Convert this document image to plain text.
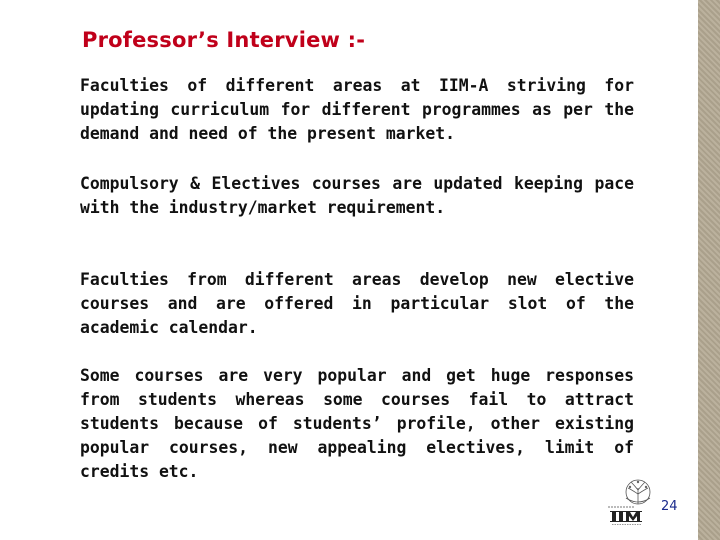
Professor’s Interview :-
Faculties of different areas at IIM-A striving for updating curriculum for different programmes as per the demand and need of the present market.
Compulsory & Electives courses are updated keeping pace with the industry/market requirement.
Faculties from different areas develop new elective courses and are offered in particular slot of the academic calendar.
Some courses are very popular and get huge responses from students whereas some courses fail to attract students because of students’ profile, other existing popular courses, new appealing electives, limit of credits etc.
24
